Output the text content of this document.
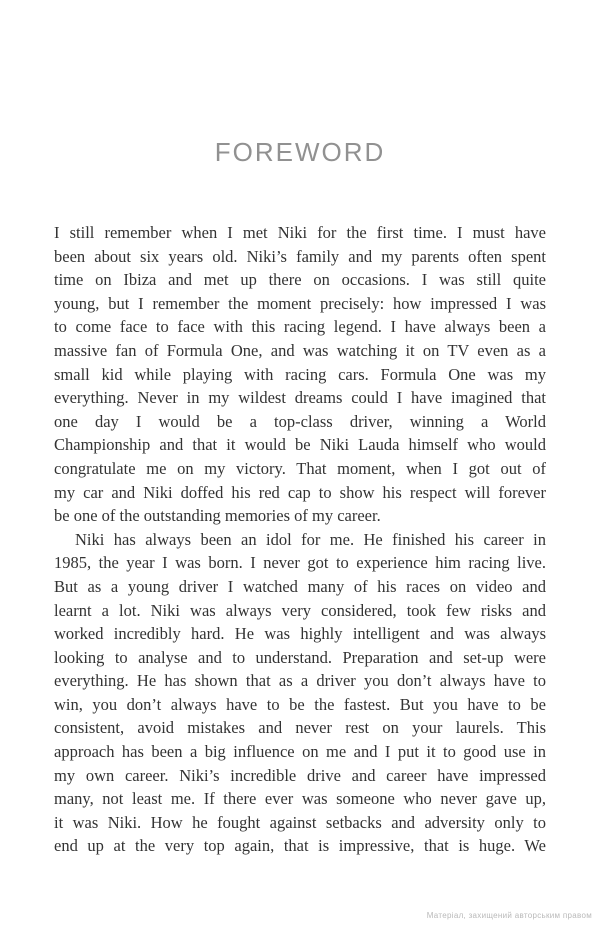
FOREWORD
I still remember when I met Niki for the first time. I must have
been about six years old. Niki’s family and my parents often spent
time on Ibiza and met up there on occasions. I was still quite
young, but I remember the moment precisely: how impressed I was
to come face to face with this racing legend. I have always been a
massive fan of Formula One, and was watching it on TV even as a
small kid while playing with racing cars. Formula One was my
everything. Never in my wildest dreams could I have imagined that
one day I would be a top-class driver, winning a World
Championship and that it would be Niki Lauda himself who would
congratulate me on my victory. That moment, when I got out of
my car and Niki doffed his red cap to show his respect will forever
be one of the outstanding memories of my career.
Niki has always been an idol for me. He finished his career in
1985, the year I was born. I never got to experience him racing live.
But as a young driver I watched many of his races on video and
learnt a lot. Niki was always very considered, took few risks and
worked incredibly hard. He was highly intelligent and was always
looking to analyse and to understand. Preparation and set-up were
everything. He has shown that as a driver you don’t always have to
win, you don’t always have to be the fastest. But you have to be
consistent, avoid mistakes and never rest on your laurels. This
approach has been a big influence on me and I put it to good use in
my own career. Niki’s incredible drive and career have impressed
many, not least me. If there ever was someone who never gave up,
it was Niki. How he fought against setbacks and adversity only to
end up at the very top again, that is impressive, that is huge. We
Матеріал, захищений авторським правом
